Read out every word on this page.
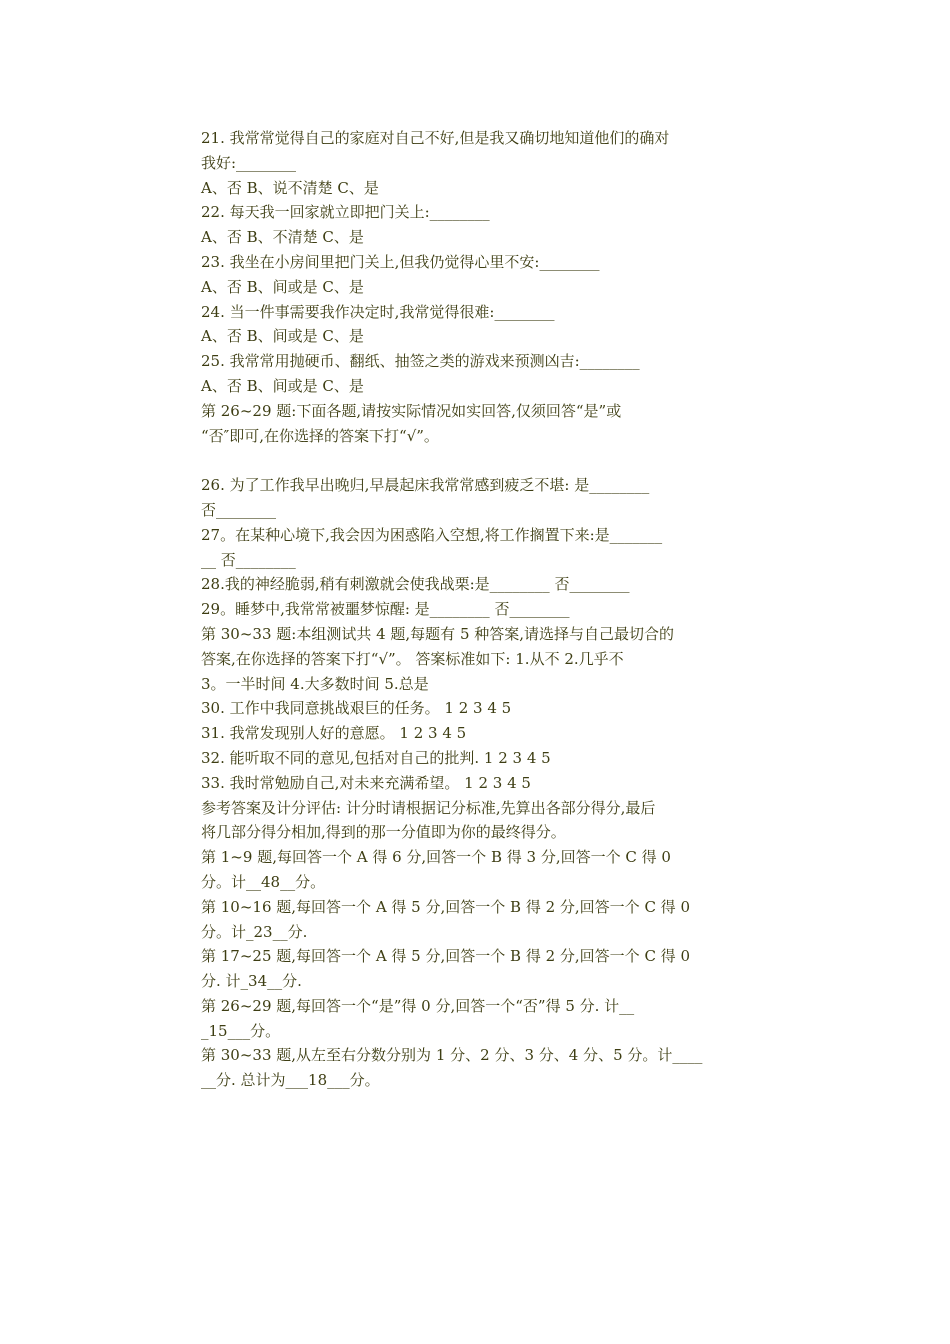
21. 我常常觉得自己的家庭对自己不好,但是我又确切地知道他们的确对
我好:________
A、否 B、说不清楚 C、是
22. 每天我一回家就立即把门关上:________
A、否 B、不清楚 C、是
23. 我坐在小房间里把门关上,但我仍觉得心里不安:________
A、否 B、间或是 C、是
24. 当一件事需要我作决定时,我常觉得很难:________
A、否 B、间或是 C、是
25. 我常常用抛硬币、翻纸、抽签之类的游戏来预测凶吉:________
A、否 B、间或是 C、是
第 26~29 题:下面各题,请按实际情况如实回答,仅须回答“是”或
“否″即可,在你选择的答案下打“√”。
26. 为了工作我早出晚归,早晨起床我常常感到疲乏不堪: 是________
否________
27。在某种心境下,我会因为困惑陷入空想,将工作搁置下来:是_______
__ 否________
28.我的神经脆弱,稍有刺激就会使我战栗:是________ 否________
29。睡梦中,我常常被噩梦惊醒: 是________ 否________
第 30~33 题:本组测试共 4 题,每题有 5 种答案,请选择与自己最切合的
答案,在你选择的答案下打“√”。 答案标准如下: 1.从不 2.几乎不
3。一半时间 4.大多数时间 5.总是
30. 工作中我同意挑战艰巨的任务。 1 2 3 4 5
31. 我常发现别人好的意愿。 1 2 3 4 5
32. 能听取不同的意见,包括对自己的批判. 1 2 3 4 5
33. 我时常勉励自己,对未来充满希望。 1 2 3 4 5
参考答案及计分评估: 计分时请根据记分标准,先算出各部分得分,最后
将几部分得分相加,得到的那一分值即为你的最终得分。
第 1~9 题,每回答一个 A 得 6 分,回答一个 B 得 3 分,回答一个 C 得 0
分。计__48__分。
第 10~16 题,每回答一个 A 得 5 分,回答一个 B 得 2 分,回答一个 C 得 0
分。计_23__分.
第 17~25 题,每回答一个 A 得 5 分,回答一个 B 得 2 分,回答一个 C 得 0
分. 计_34__分.
第 26~29 题,每回答一个“是”得 0 分,回答一个“否”得 5 分. 计__
_15___分。
第 30~33 题,从左至右分数分别为 1 分、2 分、3 分、4 分、5 分。计____
__分. 总计为___18___分。
